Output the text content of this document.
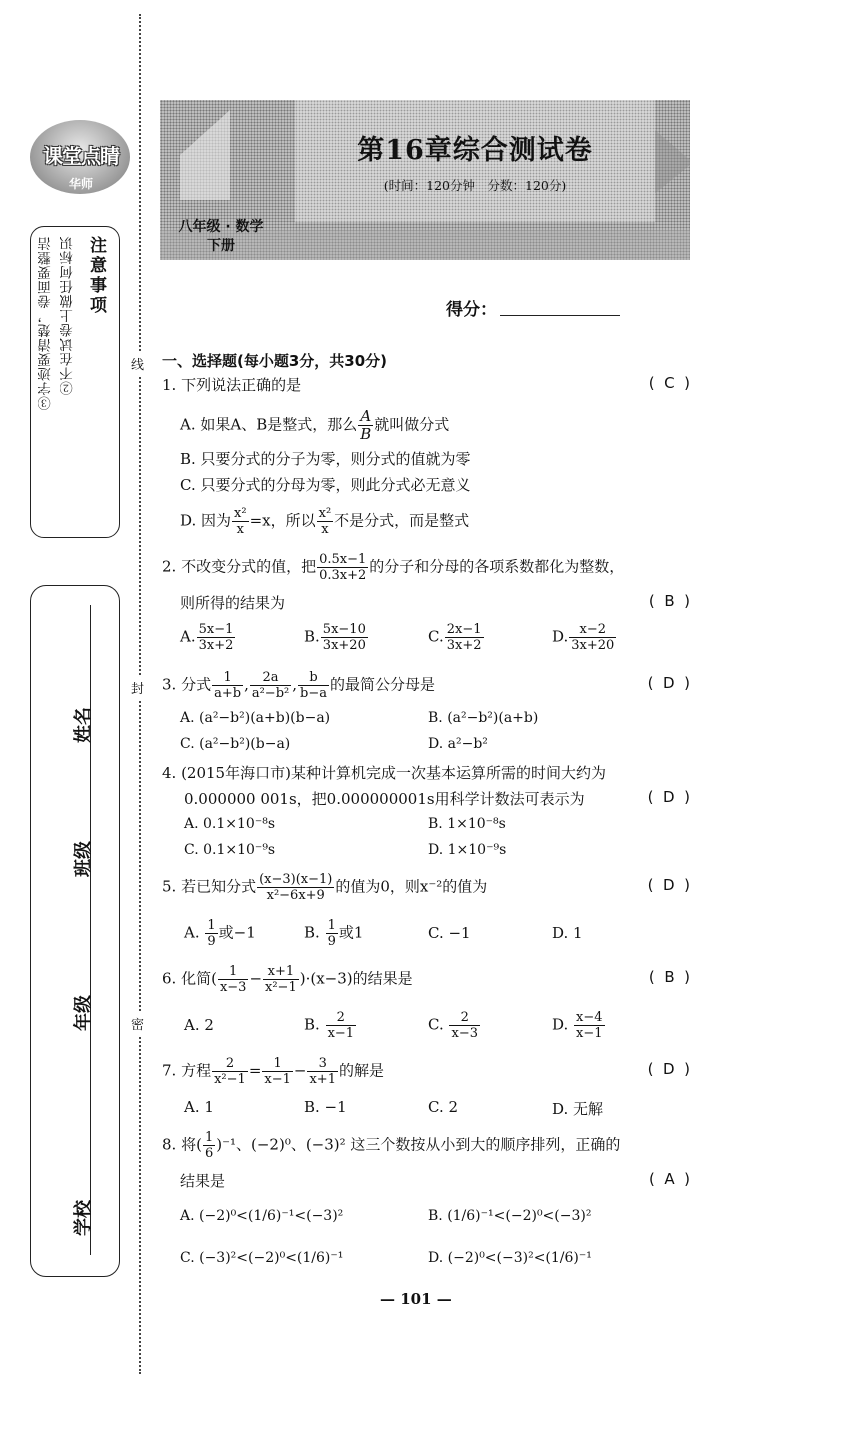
线
封
密
课堂点睛
华师
注意事项
③字迹要清楚，卷面要整洁 ②不在试卷上做任何标识
学校
年级
班级
姓名
第16章综合测试卷
(时间：120分钟　分数：120分)
八年级 · 数学
下册
得分：
一、选择题(每小题3分，共30分)
1. 下列说法正确的是	(  C  )
A. 如果A、B是整式，那么 $\frac{A}{B}$ 就叫做分式
B. 只要分式的分子为零，则分式的值就为零
C. 只要分式的分母为零，则此分式必无意义
D. 因为 $\frac{\text{x²}}{x} =x$，所以 $\frac{\text{x²}}{x}$ 不是分式，而是整式
2. 不改变分式的值，把 $\frac{0.5x-1}{0.3x+2}$ 的分子和分母的各项系数都化为整数，
则所得的结果为	(  B  )
A. $\frac{5x-1}{3x+2}$	B. $\frac{5x-10}{3x+20}$	C. $\frac{2x-1}{3x+2}$	D. $\frac{x-2}{3x+20}$
3. 分式 $\frac{1}{a+b}$ , $\frac{2a}{\text{a²−b²}}$ , $\frac{b}{b-a}$ 的最简公分母是	(  D  )
A. (a²−b²)(a+b)(b−a)	B. (a²−b²)(a+b)
C. (a²−b²)(b−a)	D. a²−b²
4. (2015年海口市)某种计算机完成一次基本运算所需的时间大约为
0.000000 001s，把0.000000001s用科学计数法可表示为	(  D  )
A. 0.1×10⁻⁸s	B. 1×10⁻⁸s
C. 0.1×10⁻⁹s	D. 1×10⁻⁹s
5. 若已知分式 $\frac{(x-3)(x-1)}{\text{x²−6x+9}}$ 的值为0，则x⁻²的值为	(  D  )
A. $\frac{1}{9}$ 或−1	B. $\frac{1}{9}$ 或1	C. −1	D. 1
6. 化简( $\frac{1}{x-3} - \frac{x+1}{\text{x²−1}} )\cdot(x-3)$的结果是	(  B  )
A. 2	B. $\frac{2}{x-1}$	C. $\frac{2}{x-3}$	D. $\frac{x-4}{x-1}$
7. 方程 $\frac{2}{\text{x²−1}} = \frac{1}{x-1} - \frac{3}{x+1}$ 的解是	(  D  )
A. 1	B. −1	C. 2	D. 无解
8. 将( $\frac{1}{6} )^{-1}$、(−2)⁰、(−3)² 这三个数按从小到大的顺序排列，正确的
结果是	(  A  )
A. (−2)⁰<(1/6)⁻¹<(−3)²	B. (1/6)⁻¹<(−2)⁰<(−3)²
C. (−3)²<(−2)⁰<(1/6)⁻¹	D. (−2)⁰<(−3)²<(1/6)⁻¹
— 101 —
